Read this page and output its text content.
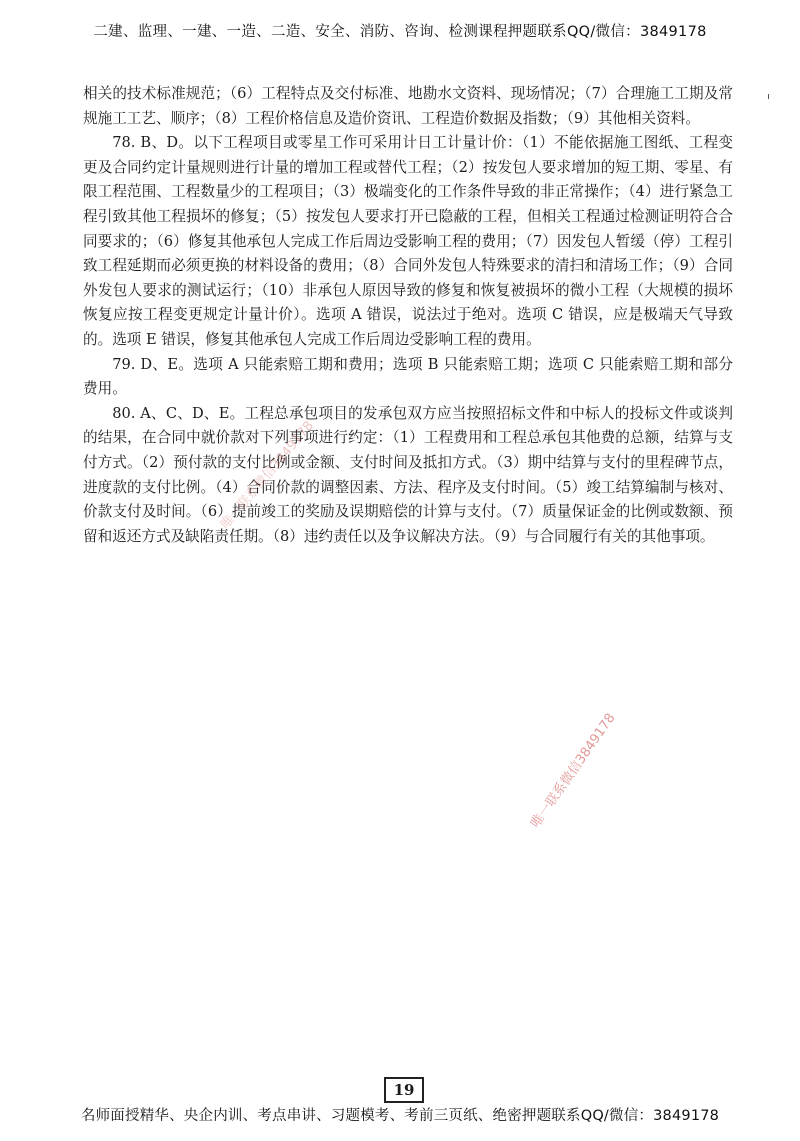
二建、监理、一建、一造、二造、安全、消防、咨询、检测课程押题联系QQ/微信：3849178

相关的技术标准规范；（6）工程特点及交付标准、地勘水文资料、现场情况；（7）合理施工工期及常规施工工艺、顺序；（8）工程价格信息及造价资讯、工程造价数据及指数；（9）其他相关资料。

78. B、D。以下工程项目或零星工作可采用计日工计量计价：（1）不能依据施工图纸、工程变更及合同约定计量规则进行计量的增加工程或替代工程；（2）按发包人要求增加的短工期、零星、有限工程范围、工程数量少的工程项目；（3）极端变化的工作条件导致的非正常操作；（4）进行紧急工程引致其他工程损坏的修复；（5）按发包人要求打开已隐蔽的工程，但相关工程通过检测证明符合合同要求的；（6）修复其他承包人完成工作后周边受影响工程的费用；（7）因发包人暂缓（停）工程引致工程延期而必须更换的材料设备的费用；（8）合同外发包人特殊要求的清扫和清场工作；（9）合同外发包人要求的测试运行；（10）非承包人原因导致的修复和恢复被损坏的微小工程（大规模的损坏恢复应按工程变更规定计量计价）。选项 A 错误，说法过于绝对。选项 C 错误，应是极端天气导致的。选项 E 错误，修复其他承包人完成工作后周边受影响工程的费用。

79. D、E。选项 A 只能索赔工期和费用；选项 B 只能索赔工期；选项 C 只能索赔工期和部分费用。

80. A、C、D、E。工程总承包项目的发承包双方应当按照招标文件和中标人的投标文件或谈判的结果，在合同中就价款对下列事项进行约定：（1）工程费用和工程总承包其他费的总额，结算与支付方式。（2）预付款的支付比例或金额、支付时间及抵扣方式。（3）期中结算与支付的里程碑节点，进度款的支付比例。（4）合同价款的调整因素、方法、程序及支付时间。（5）竣工结算编制与核对、价款支付及时间。（6）提前竣工的奖励及误期赔偿的计算与支付。（7）质量保证金的比例或数额、预留和返还方式及缺陷责任期。（8）违约责任以及争议解决方法。（9）与合同履行有关的其他事项。

唯一联系微信3849178
唯一联系微信3849178
19
名师面授精华、央企内训、考点串讲、习题模考、考前三页纸、绝密押题联系QQ/微信：3849178
